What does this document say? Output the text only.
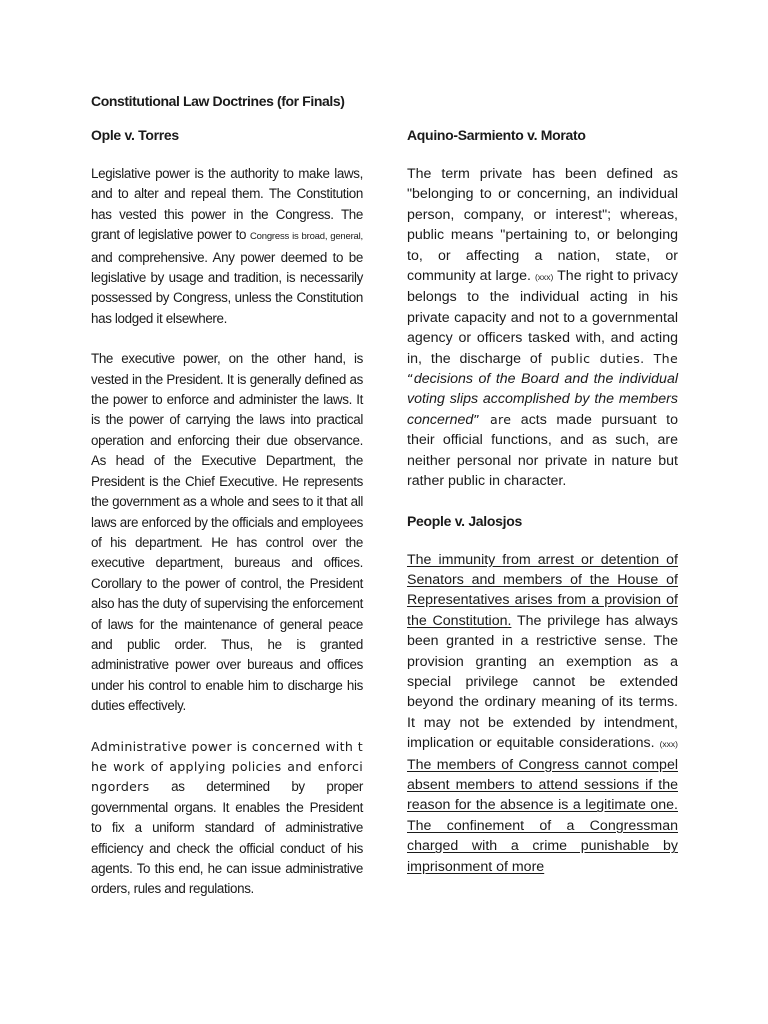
Constitutional Law Doctrines (for Finals)
Ople v. Torres

Legislative power is the authority to make laws, and to alter and repeal them. The Constitution has vested this power in the Congress. The grant of legislative power to Congress is broad, general, and comprehensive. Any power deemed to be legislative by usage and tradition, is necessarily possessed by Congress, unless the Constitution has lodged it elsewhere.

The executive power, on the other hand, is vested in the President. It is generally defined as the power to enforce and administer the laws. It is the power of carrying the laws into practical operation and enforcing their due observance. As head of the Executive Department, the President is the Chief Executive. He represents the government as a whole and sees to it that all laws are enforced by the officials and employees of his department. He has control over the executive department, bureaus and offices. Corollary to the power of control, the President also has the duty of supervising the enforcement of laws for the maintenance of general peace and public order. Thus, he is granted administrative power over bureaus and offices under his control to enable him to discharge his duties effectively.

Administrative power is concerned with t he work of applying policies and enforci ngorders as determined by proper governmental organs. It enables the President to fix a uniform standard of administrative efficiency and check the official conduct of his agents. To this end, he can issue administrative orders, rules and regulations.

Aquino-Sarmiento v. Morato

The term private has been defined as "belonging to or concerning, an individual person, company, or interest"; whereas, public means "pertaining to, or belonging to, or affecting a nation, state, or community at large. (xxx) The right to privacy belongs to the individual acting in his private capacity and not to a governmental agency or officers tasked with, and acting in, the discharge of public duties. The “decisions of the Board and the individual voting slips accomplished by the members concerned” are acts made pursuant to their official functions, and as such, are neither personal nor private in nature but rather public in character.

People v. Jalosjos

The immunity from arrest or detention of Senators and members of the House of Representatives arises from a provision of the Constitution. The privilege has always been granted in a restrictive sense. The provision granting an exemption as a special privilege cannot be extended beyond the ordinary meaning of its terms. It may not be extended by intendment, implication or equitable considerations. (xxx) The members of Congress cannot compel absent members to attend sessions if the reason for the absence is a legitimate one. The confinement of a Congressman charged with a crime punishable by imprisonment of more
